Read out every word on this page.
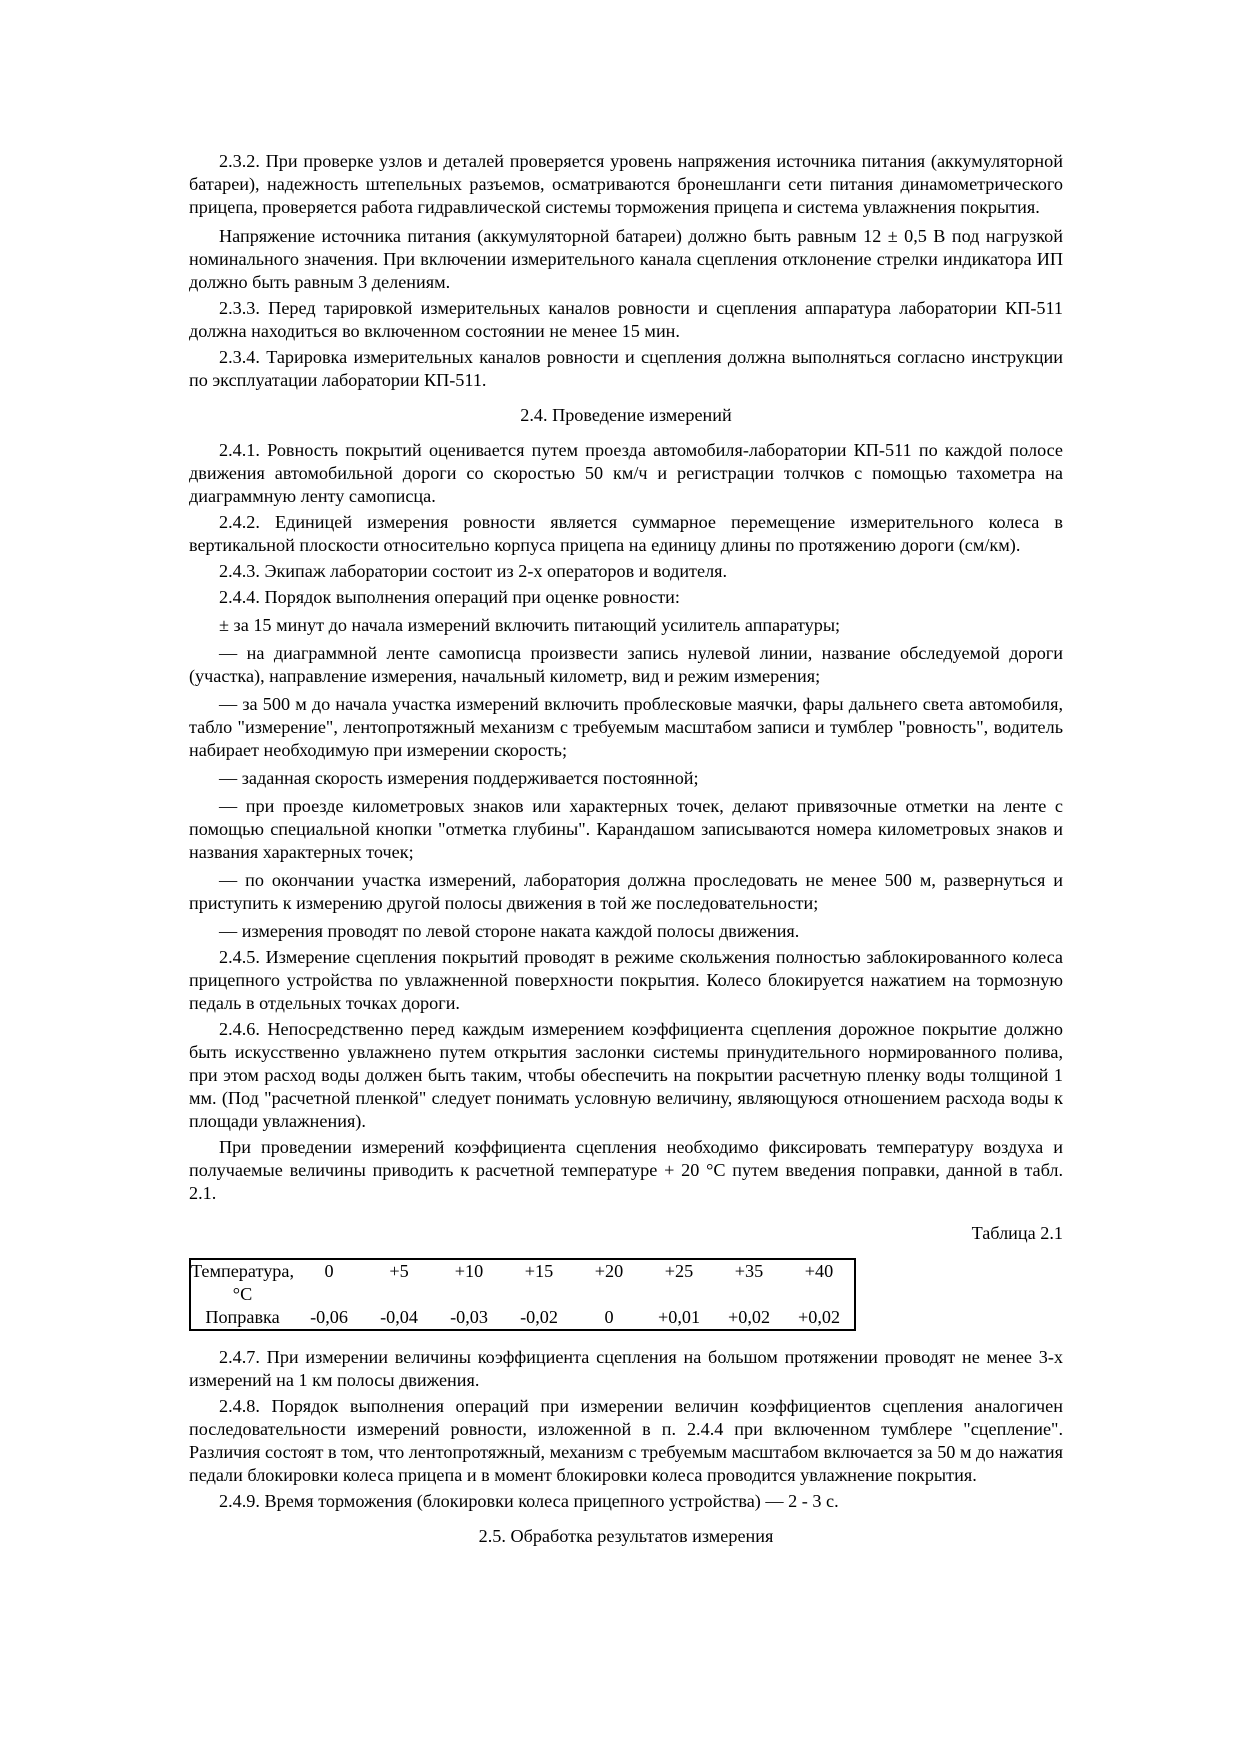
2.3.2. При проверке узлов и деталей проверяется уровень напряжения источника питания (аккумуляторной батареи), надежность штепельных разъемов, осматриваются бронешланги сети питания динамометрического прицепа, проверяется работа гидравлической системы торможения прицепа и система увлажнения покрытия.

Напряжение источника питания (аккумуляторной батареи) должно быть равным 12 ± 0,5 В под нагрузкой номинального значения. При включении измерительного канала сцепления отклонение стрелки индикатора ИП должно быть равным 3 делениям.

2.3.3. Перед тарировкой измерительных каналов ровности и сцепления аппаратура лаборатории КП-511 должна находиться во включенном состоянии не менее 15 мин.

2.3.4. Тарировка измерительных каналов ровности и сцепления должна выполняться согласно инструкции по эксплуатации лаборатории КП-511.

2.4. Проведение измерений

2.4.1. Ровность покрытий оценивается путем проезда автомобиля-лаборатории КП-511 по каждой полосе движения автомобильной дороги со скоростью 50 км/ч и регистрации толчков с помощью тахометра на диаграммную ленту самописца.

2.4.2. Единицей измерения ровности является суммарное перемещение измерительного колеса в вертикальной плоскости относительно корпуса прицепа на единицу длины по протяжению дороги (см/км).

2.4.3. Экипаж лаборатории состоит из 2-х операторов и водителя.

2.4.4. Порядок выполнения операций при оценке ровности:

± за 15 минут до начала измерений включить питающий усилитель аппаратуры;

— на диаграммной ленте самописца произвести запись нулевой линии, название обследуемой дороги (участка), направление измерения, начальный километр, вид и режим измерения;

— за 500 м до начала участка измерений включить проблесковые маячки, фары дальнего света автомобиля, табло "измерение", лентопротяжный механизм с требуемым масштабом записи и тумблер "ровность", водитель набирает необходимую при измерении скорость;

— заданная скорость измерения поддерживается постоянной;

— при проезде километровых знаков или характерных точек, делают привязочные отметки на ленте с помощью специальной кнопки "отметка глубины". Карандашом записываются номера километровых знаков и названия характерных точек;

— по окончании участка измерений, лаборатория должна проследовать не менее 500 м, развернуться и приступить к измерению другой полосы движения в той же последовательности;

— измерения проводят по левой стороне наката каждой полосы движения.

2.4.5. Измерение сцепления покрытий проводят в режиме скольжения полностью заблокированного колеса прицепного устройства по увлажненной поверхности покрытия. Колесо блокируется нажатием на тормозную педаль в отдельных точках дороги.

2.4.6. Непосредственно перед каждым измерением коэффициента сцепления дорожное покрытие должно быть искусственно увлажнено путем открытия заслонки системы принудительного нормированного полива, при этом расход воды должен быть таким, чтобы обеспечить на покрытии расчетную пленку воды толщиной 1 мм. (Под "расчетной пленкой" следует понимать условную величину, являющуюся отношением расхода воды к площади увлажнения).

При проведении измерений коэффициента сцепления необходимо фиксировать температуру воздуха и получаемые величины приводить к расчетной температуре + 20 °С путем введения поправки, данной в табл. 2.1.

Таблица 2.1
Температура, °С	0	+5	+10	+15	+20	+25	+35	+40
Поправка	-0,06	-0,04	-0,03	-0,02	0	+0,01	+0,02	+0,02

2.4.7. При измерении величины коэффициента сцепления на большом протяжении проводят не менее 3-х измерений на 1 км полосы движения.

2.4.8. Порядок выполнения операций при измерении величин коэффициентов сцепления аналогичен последовательности измерений ровности, изложенной в п. 2.4.4 при включенном тумблере "сцепление". Различия состоят в том, что лентопротяжный, механизм с требуемым масштабом включается за 50 м до нажатия педали блокировки колеса прицепа и в момент блокировки колеса проводится увлажнение покрытия.

2.4.9. Время торможения (блокировки колеса прицепного устройства) — 2 - 3 с.

2.5. Обработка результатов измерения
